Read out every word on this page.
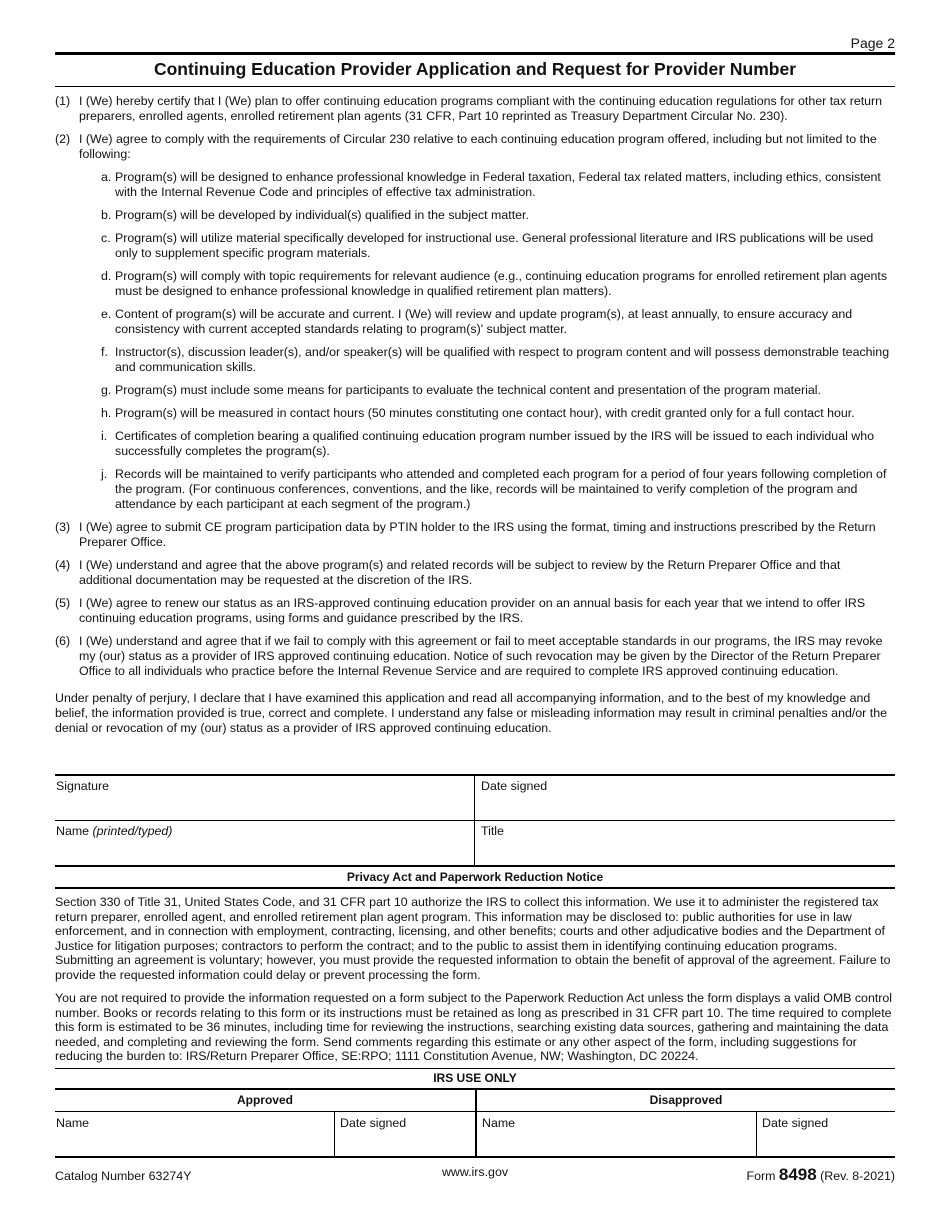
Page 2
Continuing Education Provider Application and Request for Provider Number
(1) I (We) hereby certify that I (We) plan to offer continuing education programs compliant with the continuing education regulations for other tax return preparers, enrolled agents, enrolled retirement plan agents (31 CFR, Part 10 reprinted as Treasury Department Circular No. 230).
(2) I (We) agree to comply with the requirements of Circular 230 relative to each continuing education program offered, including but not limited to the following:
a. Program(s) will be designed to enhance professional knowledge in Federal taxation, Federal tax related matters, including ethics, consistent with the Internal Revenue Code and principles of effective tax administration.
b. Program(s) will be developed by individual(s) qualified in the subject matter.
c. Program(s) will utilize material specifically developed for instructional use. General professional literature and IRS publications will be used only to supplement specific program materials.
d. Program(s) will comply with topic requirements for relevant audience (e.g., continuing education programs for enrolled retirement plan agents must be designed to enhance professional knowledge in qualified retirement plan matters).
e. Content of program(s) will be accurate and current. I (We) will review and update program(s), at least annually, to ensure accuracy and consistency with current accepted standards relating to program(s)' subject matter.
f. Instructor(s), discussion leader(s), and/or speaker(s) will be qualified with respect to program content and will possess demonstrable teaching and communication skills.
g. Program(s) must include some means for participants to evaluate the technical content and presentation of the program material.
h. Program(s) will be measured in contact hours (50 minutes constituting one contact hour), with credit granted only for a full contact hour.
i. Certificates of completion bearing a qualified continuing education program number issued by the IRS will be issued to each individual who successfully completes the program(s).
j. Records will be maintained to verify participants who attended and completed each program for a period of four years following completion of the program. (For continuous conferences, conventions, and the like, records will be maintained to verify completion of the program and attendance by each participant at each segment of the program.)
(3) I (We) agree to submit CE program participation data by PTIN holder to the IRS using the format, timing and instructions prescribed by the Return Preparer Office.
(4) I (We) understand and agree that the above program(s) and related records will be subject to review by the Return Preparer Office and that additional documentation may be requested at the discretion of the IRS.
(5) I (We) agree to renew our status as an IRS-approved continuing education provider on an annual basis for each year that we intend to offer IRS continuing education programs, using forms and guidance prescribed by the IRS.
(6) I (We) understand and agree that if we fail to comply with this agreement or fail to meet acceptable standards in our programs, the IRS may revoke my (our) status as a provider of IRS approved continuing education. Notice of such revocation may be given by the Director of the Return Preparer Office to all individuals who practice before the Internal Revenue Service and are required to complete IRS approved continuing education.
Under penalty of perjury, I declare that I have examined this application and read all accompanying information, and to the best of my knowledge and belief, the information provided is true, correct and complete. I understand any false or misleading information may result in criminal penalties and/or the denial or revocation of my (our) status as a provider of IRS approved continuing education.
Signature	Date signed
Name (printed/typed)	Title
Privacy Act and Paperwork Reduction Notice

Section 330 of Title 31, United States Code, and 31 CFR part 10 authorize the IRS to collect this information. We use it to administer the registered tax return preparer, enrolled agent, and enrolled retirement plan agent program. This information may be disclosed to: public authorities for use in law enforcement, and in connection with employment, contracting, licensing, and other benefits; courts and other adjudicative bodies and the Department of Justice for litigation purposes; contractors to perform the contract; and to the public to assist them in identifying continuing education programs. Submitting an agreement is voluntary; however, you must provide the requested information to obtain the benefit of approval of the agreement. Failure to provide the requested information could delay or prevent processing the form.

You are not required to provide the information requested on a form subject to the Paperwork Reduction Act unless the form displays a valid OMB control number. Books or records relating to this form or its instructions must be retained as long as prescribed in 31 CFR part 10. The time required to complete this form is estimated to be 36 minutes, including time for reviewing the instructions, searching existing data sources, gathering and maintaining the data needed, and completing and reviewing the form. Send comments regarding this estimate or any other aspect of the form, including suggestions for reducing the burden to: IRS/Return Preparer Office, SE:RPO; 1111 Constitution Avenue, NW; Washington, DC 20224.

IRS USE ONLY
Approved
Name	Date signed
Disapproved
Name	Date signed
Catalog Number 63274Y	www.irs.gov	Form 8498 (Rev. 8-2021)
